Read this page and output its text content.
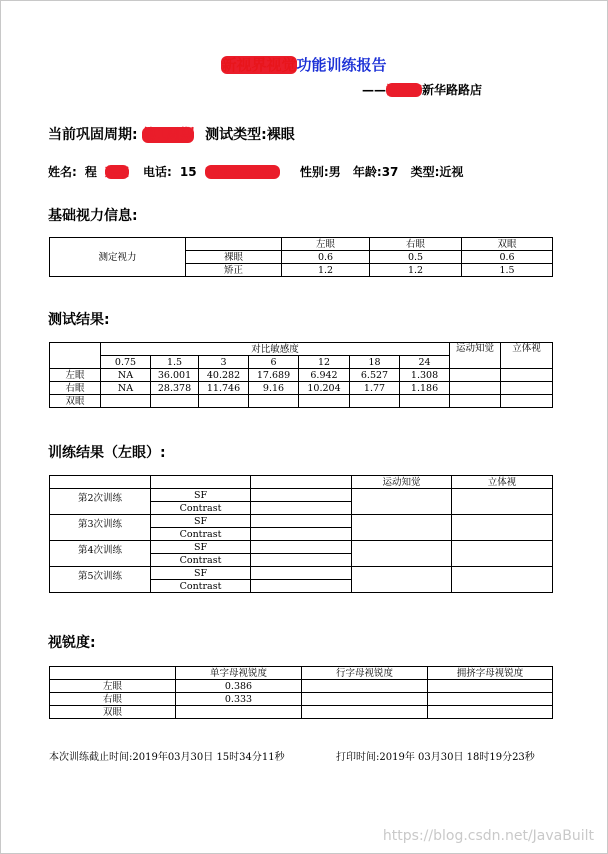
新视界视觉功能训练报告
——清远市新华路路店
当前巩固周期: 第1周期 测试类型:裸眼
姓名: 程 某某 电话: 15 100000000 性别:男 年龄:37 类型:近视
基础视力信息:
测定视力		左眼	右眼	双眼
	裸眼	0.6	0.5	0.6
	矫正	1.2	1.2	1.5
测试结果:
	对比敏感度							运动知觉	立体视
	0.75	1.5	3	6	12	18	24		
左眼	NA	36.001	40.282	17.689	6.942	6.527	1.308		
右眼	NA	28.378	11.746	9.16	10.204	1.77	1.186		
双眼									
训练结果（左眼）:
			运动知觉	立体视
第2次训练	SF			
	Contrast			
第3次训练	SF			
	Contrast			
第4次训练	SF			
	Contrast			
第5次训练	SF			
	Contrast			
视锐度:
	单字母视锐度	行字母视锐度	拥挤字母视锐度
左眼	0.386		
右眼	0.333		
双眼			
本次训练截止时间:2019年03月30日 15时34分11秒	打印时间:2019年 03月30日 18时19分23秒
https://blog.csdn.net/JavaBuilt
